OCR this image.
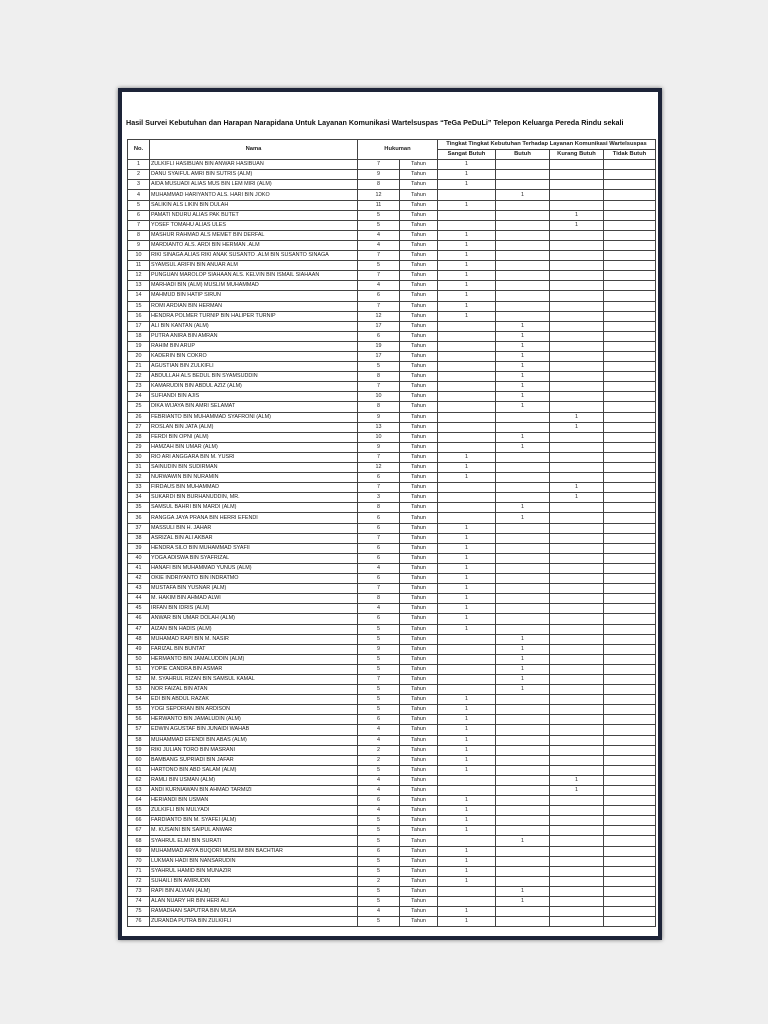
Hasil Survei Kebutuhan dan Harapan Narapidana Untuk Layanan Komunikasi Wartelsuspas “TeGa PeDuLi” Telepon Keluarga Pereda Rindu sekali
No.	Nama	Hukuman		Tingkat Tingkat Kebutuhan Terhadap Layanan Komunikasi Wartelsuspas			
				Sangat Butuh	Butuh	Kurang Butuh	Tidak Butuh
1	ZULKIFLI HASIBUAN BIN ANWAR HASIBUAN	7	Tahun	1			
2	DANU SYAIFUL AMRI BIN SUTRIS (ALM)	9	Tahun	1			
3	AIDA MUSUADI ALIAS MUS BIN LEM MIRI (ALM)	8	Tahun	1			
4	MUHAMMAD HARIYANTO ALS. HARI BIN JOKO	12	Tahun		1		
5	SALIKIN ALS LIKIN BIN DULAH	11	Tahun	1			
6	PAMATI NDURU ALIAS PAK BUTET	5	Tahun			1	
7	YOSEF TOMAHU ALIAS ULES	5	Tahun			1	
8	MASHUR RAHMAD ALS MEMET BIN DERFAL	4	Tahun	1			
9	MARDIANTO ALS. ARDI BIN HERMAN .ALM	4	Tahun	1			
10	RIKI SINAGA ALIAS RIKI ANAK SUSANTO .ALM BIN SUSANTO SINAGA	7	Tahun	1			
11	SYAMSUL ARIFIN BIN ANUAR ALM	5	Tahun	1			
12	PUNGUAN MAROLOP SIAHAAN ALS. KELVIN BIN ISMAIL SIAHAAN	7	Tahun	1			
13	MARHADI BIN (ALM) MUSLIM MUHAMMAD	4	Tahun	1			
14	MAHMUD BIN HATIP SIRUN	6	Tahun	1			
15	ROMI ARDIAN BIN HERMAN	7	Tahun	1			
16	HENDRA POLMER TURNIP BIN HALIPER TURNIP	12	Tahun	1			
17	ALI BIN KANTAN (ALM)	17	Tahun		1		
18	PUTRA ANIRA BIN AMRAN	6	Tahun		1		
19	RAHIM BIN ARUP	19	Tahun		1		
20	KADERIN BIN COKRO	17	Tahun		1		
21	AGUSTIAN BIN ZULKIFLI	5	Tahun		1		
22	ABDULLAH ALS BEDUL BIN SYAMSUDDIN	8	Tahun		1		
23	KAMARUDIN BIN ABDUL AZIZ (ALM)	7	Tahun		1		
24	SUFIANDI BIN AJIS	10	Tahun		1		
25	DIKA WIJAYA BIN AMRI SELAMAT	8	Tahun		1		
26	FEBRIANTO BIN MUHAMMAD SYAFRONI (ALM)	9	Tahun			1	
27	ROSLAN BIN JATA (ALM)	13	Tahun			1	
28	FERDI BIN OPNI (ALM)	10	Tahun		1		
29	HAMZAH BIN UMAR (ALM)	9	Tahun		1		
30	RIO ARI ANGGARA BIN M. YUSRI	7	Tahun	1			
31	SAINUDIN BIN SUDIRMAN	12	Tahun	1			
32	NURWAWIN BIN NURAMIN	6	Tahun	1			
33	FIRDAUS BIN MUHAMMAD	7	Tahun			1	
34	SUKARDI BIN BURHANUDDIN, MR.	3	Tahun			1	
35	SAMSUL BAHRI BIN MARDI (ALM)	8	Tahun		1		
36	RANGGA JAYA PRANA BIN HERRI EFENDI	6	Tahun		1		
37	MASSULI BIN H. JAHAR	6	Tahun	1			
38	ASRIZAL BIN ALI AKBAR	7	Tahun	1			
39	HENDRA SILO BIN MUHAMMAD SYAFII	6	Tahun	1			
40	YOGA ADISWA BIN SYAFRIZAL	6	Tahun	1			
41	HANAFI BIN MUHAMMAD YUNUS (ALM)	4	Tahun	1			
42	OKIE INDRIYANTO BIN INDRATMO	6	Tahun	1			
43	MUSTAFA BIN YUSNAR (ALM)	7	Tahun	1			
44	M. HAKIM BIN AHMAD ALWI	8	Tahun	1			
45	IRFAN BIN IDRIS (ALM)	4	Tahun	1			
46	ANWAR BIN UMAR DOLAH (ALM)	6	Tahun	1			
47	AIZAN BIN HADIS (ALM)	5	Tahun	1			
48	MUHAMAD RAPI BIN M. NASIR	5	Tahun		1		
49	FARIZAL BIN BUNTAT	9	Tahun		1		
50	HERMANTO BIN JAMALUDDIN (ALM)	5	Tahun		1		
51	YOPIE CANDRA BIN ASMAR	5	Tahun		1		
52	M. SYAHRUL RIZAN BIN SAMSUL KAMAL	7	Tahun		1		
53	NOR FAIZAL BIN ATAN	5	Tahun		1		
54	EDI BIN ABDUL RAZAK	5	Tahun	1			
55	YOGI SEPORIAN BIN ARDISON	5	Tahun	1			
56	HERWANTO BIN JAMALUDIN (ALM)	6	Tahun	1			
57	EDWIN AGUSTAF BIN JUNAIDI WAHAB	4	Tahun	1			
58	MUHAMMAD EFENDI BIN ABAS (ALM)	4	Tahun	1			
59	RIKI JULIAN TORO BIN MASRANI	2	Tahun	1			
60	BAMBANG SUPRIADI BIN JAFAR	2	Tahun	1			
61	HARTONO BIN ABD SALAM (ALM)	5	Tahun	1			
62	RAMLI BIN USMAN (ALM)	4	Tahun			1	
63	ANDI KURNIAWAN BIN AHMAD TARMIZI	4	Tahun			1	
64	HERIANDI BIN USMAN	6	Tahun	1			
65	ZULKIFLI BIN MULYADI	4	Tahun	1			
66	FARDIANTO BIN M. SYAFEI (ALM)	5	Tahun	1			
67	M. KUSAINI BIN SAIPUL ANWAR	5	Tahun	1			
68	SYAHRUL ELMI BIN SURATI	5	Tahun		1		
69	MUHAMMAD ARYA BUQORI MUSLIM BIN BACHTIAR	6	Tahun	1			
70	LUKMAN HADI BIN NANSARUDIN	5	Tahun	1			
71	SYAHRUL HAMID BIN MUNAZIR	5	Tahun	1			
72	SUHAILI BIN AMIRUDIN	2	Tahun	1			
73	RAPI BIN ALVIAN (ALM)	5	Tahun		1		
74	ALAN NUARY HR BIN HERI ALI	5	Tahun		1		
75	RAMADHAN SAPUTRA BIN MUSA	4	Tahun	1			
76	ZURANDA PUTRA BIN ZULKIFLI	5	Tahun	1			
